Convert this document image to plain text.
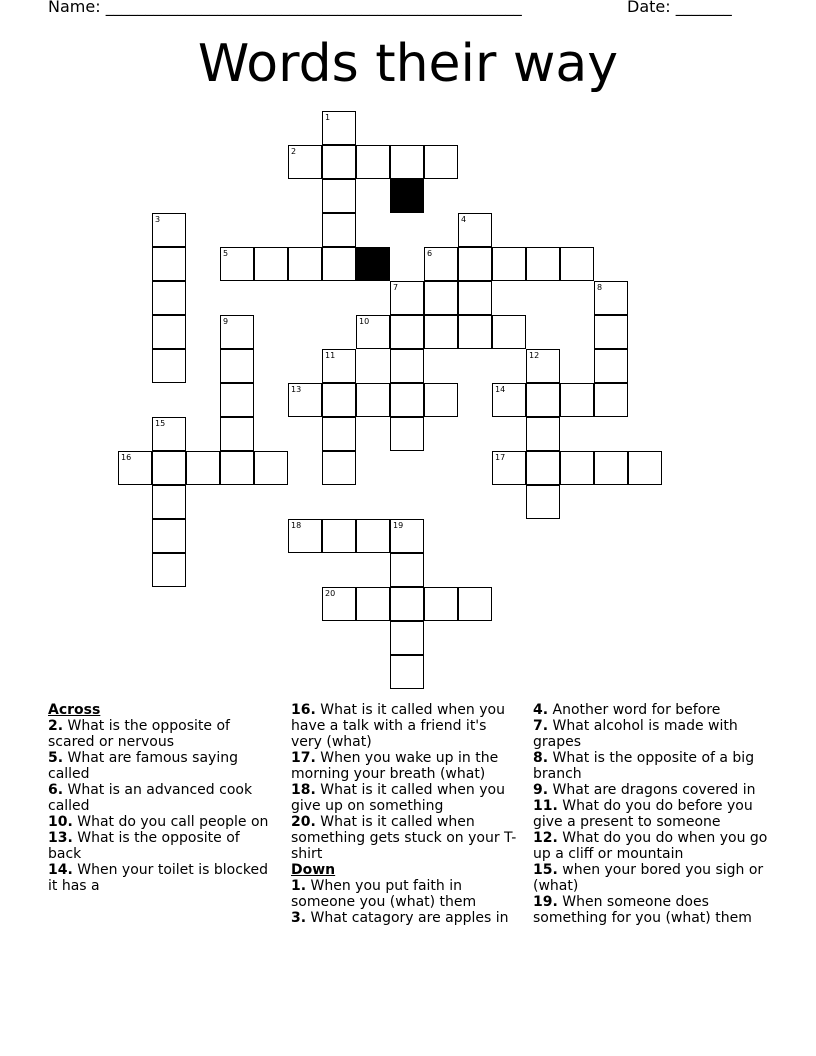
Name: ____________________________________________________	Date: _______
Words their way
1
2
3	4
5	6
7	8
9	10
11	12
13	14
15
16	17
18	19
20
Across
2. What is the opposite of scared or nervous
5. What are famous saying called
6. What is an advanced cook called
10. What do you call people on
13. What is the opposite of back
14. When your toilet is blocked it has a
16. What is it called when you have a talk with a friend it's very (what)
17. When you wake up in the morning your breath (what)
18. What is it called when you give up on something
20. What is it called when something gets stuck on your T-shirt
Down
1. When you put faith in someone you (what) them
3. What catagory are apples in
4. Another word for before
7. What alcohol is made with grapes
8. What is the opposite of a big branch
9. What are dragons covered in
11. What do you do before you give a present to someone
12. What do you do when you go up a cliff or mountain
15. when your bored you sigh or (what)
19. When someone does something for you (what) them
